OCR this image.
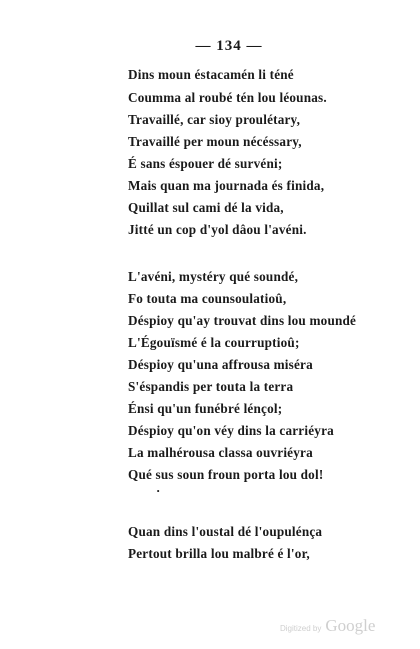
— 134 —
Dins moun éstacamén li téné
Coumma al roubé tén lou léounas.
Travaillé, car sioy proulétary,
Travaillé per moun nécéssary,
É sans éspouer dé survéni;
Mais quan ma journada és finida,
Quillat sul cami dé la vida,
Jitté un cop d'yol dâou l'avéni.
L'avéni, mystéry qué soundé,
Fo touta ma counsoulatioû,
Déspioy qu'ay trouvat dins lou moundé
L'Égouïsmé é la courruptioû;
Déspioy qu'una affrousa miséra
S'éspandis per touta la terra
Énsi qu'un funébré lénçol;
Déspioy qu'on véy dins la carriéyra
La malhérousa classa ouvriéyra
Qué sus soun froun porta lou dol!
·
Quan dins l'oustal dé l'oupulénça
Pertout brilla lou malbré é l'or,
Digitized by Google
